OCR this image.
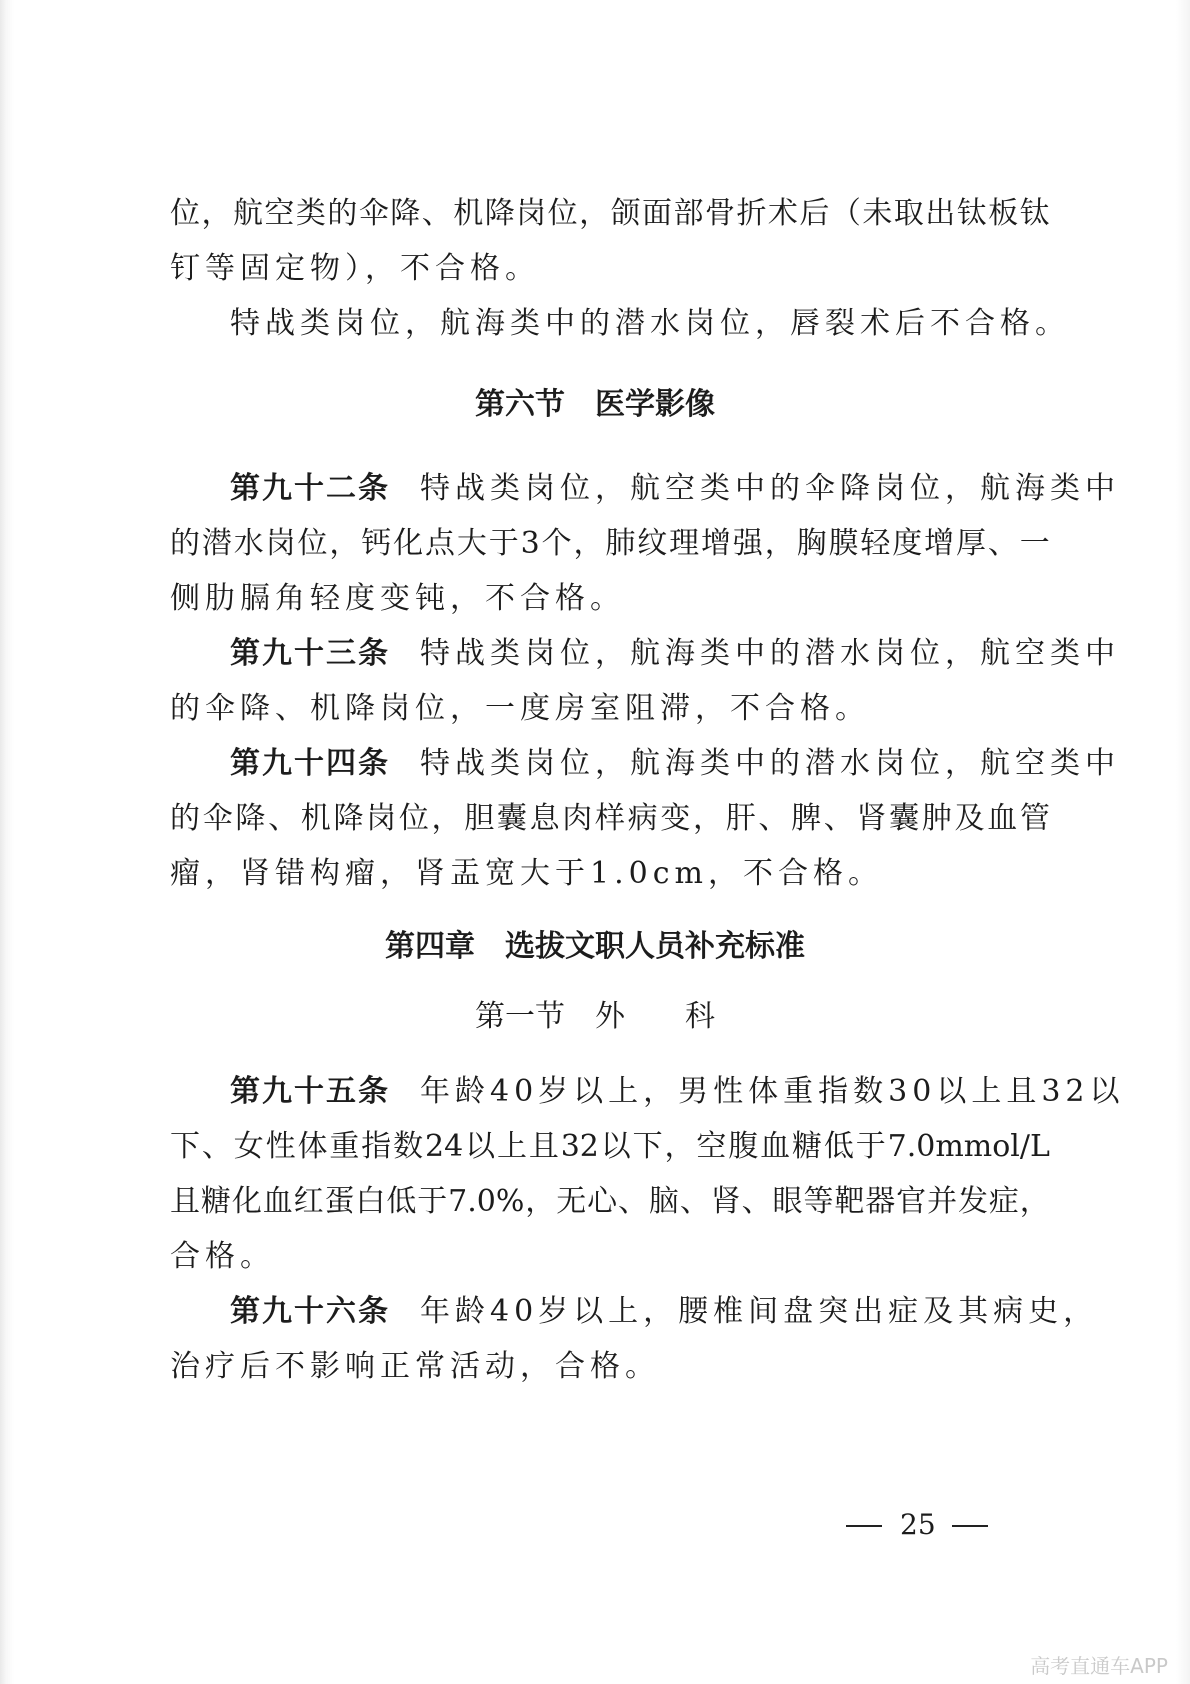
位 ， 航 空 类 的 伞 降 、 机 降 岗 位 ， 颌 面 部 骨 折 术 后 （ 未 取 出 钛 板 钛
钉等固定物），不合格。
特战类岗位，航海类中的潜水岗位，唇裂术后不合格。
第六节　医学影像
第九十二条 特战类岗位，航空类中的伞降岗位，航海类中
的 潜 水 岗 位 ， 钙 化 点 大 于 3 个 ， 肺 纹 理 增 强 ， 胸 膜 轻 度 增 厚 、 一
侧肋膈角轻度变钝，不合格。
第九十三条 特战类岗位，航海类中的潜水岗位，航空类中
的伞降、机降岗位，一度房室阻滞，不合格。
第九十四条 特战类岗位，航海类中的潜水岗位，航空类中
的 伞 降 、 机 降 岗 位 ， 胆 囊 息 肉 样 病 变 ， 肝 、 脾 、 肾 囊 肿 及 血 管
瘤，肾错构瘤，肾盂宽大于1.0cm，不合格。
第四章　选拔文职人员补充标准
第一节　外　　科
第九十五条 年龄40岁以上，男性体重指数30以上且32以
下 、 女 性 体 重 指 数 24 以 上 且 32 以 下 ， 空 腹 血 糖 低 于 7.0mmol/L
且 糖 化 血 红 蛋 白 低 于 7.0% ， 无 心 、 脑 、 肾 、 眼 等 靶 器 官 并 发 症 ，
合格。
第九十六条 年龄40岁以上，腰椎间盘突出症及其病史，
治疗后不影响正常活动，合格。
25
高考直通车APP
